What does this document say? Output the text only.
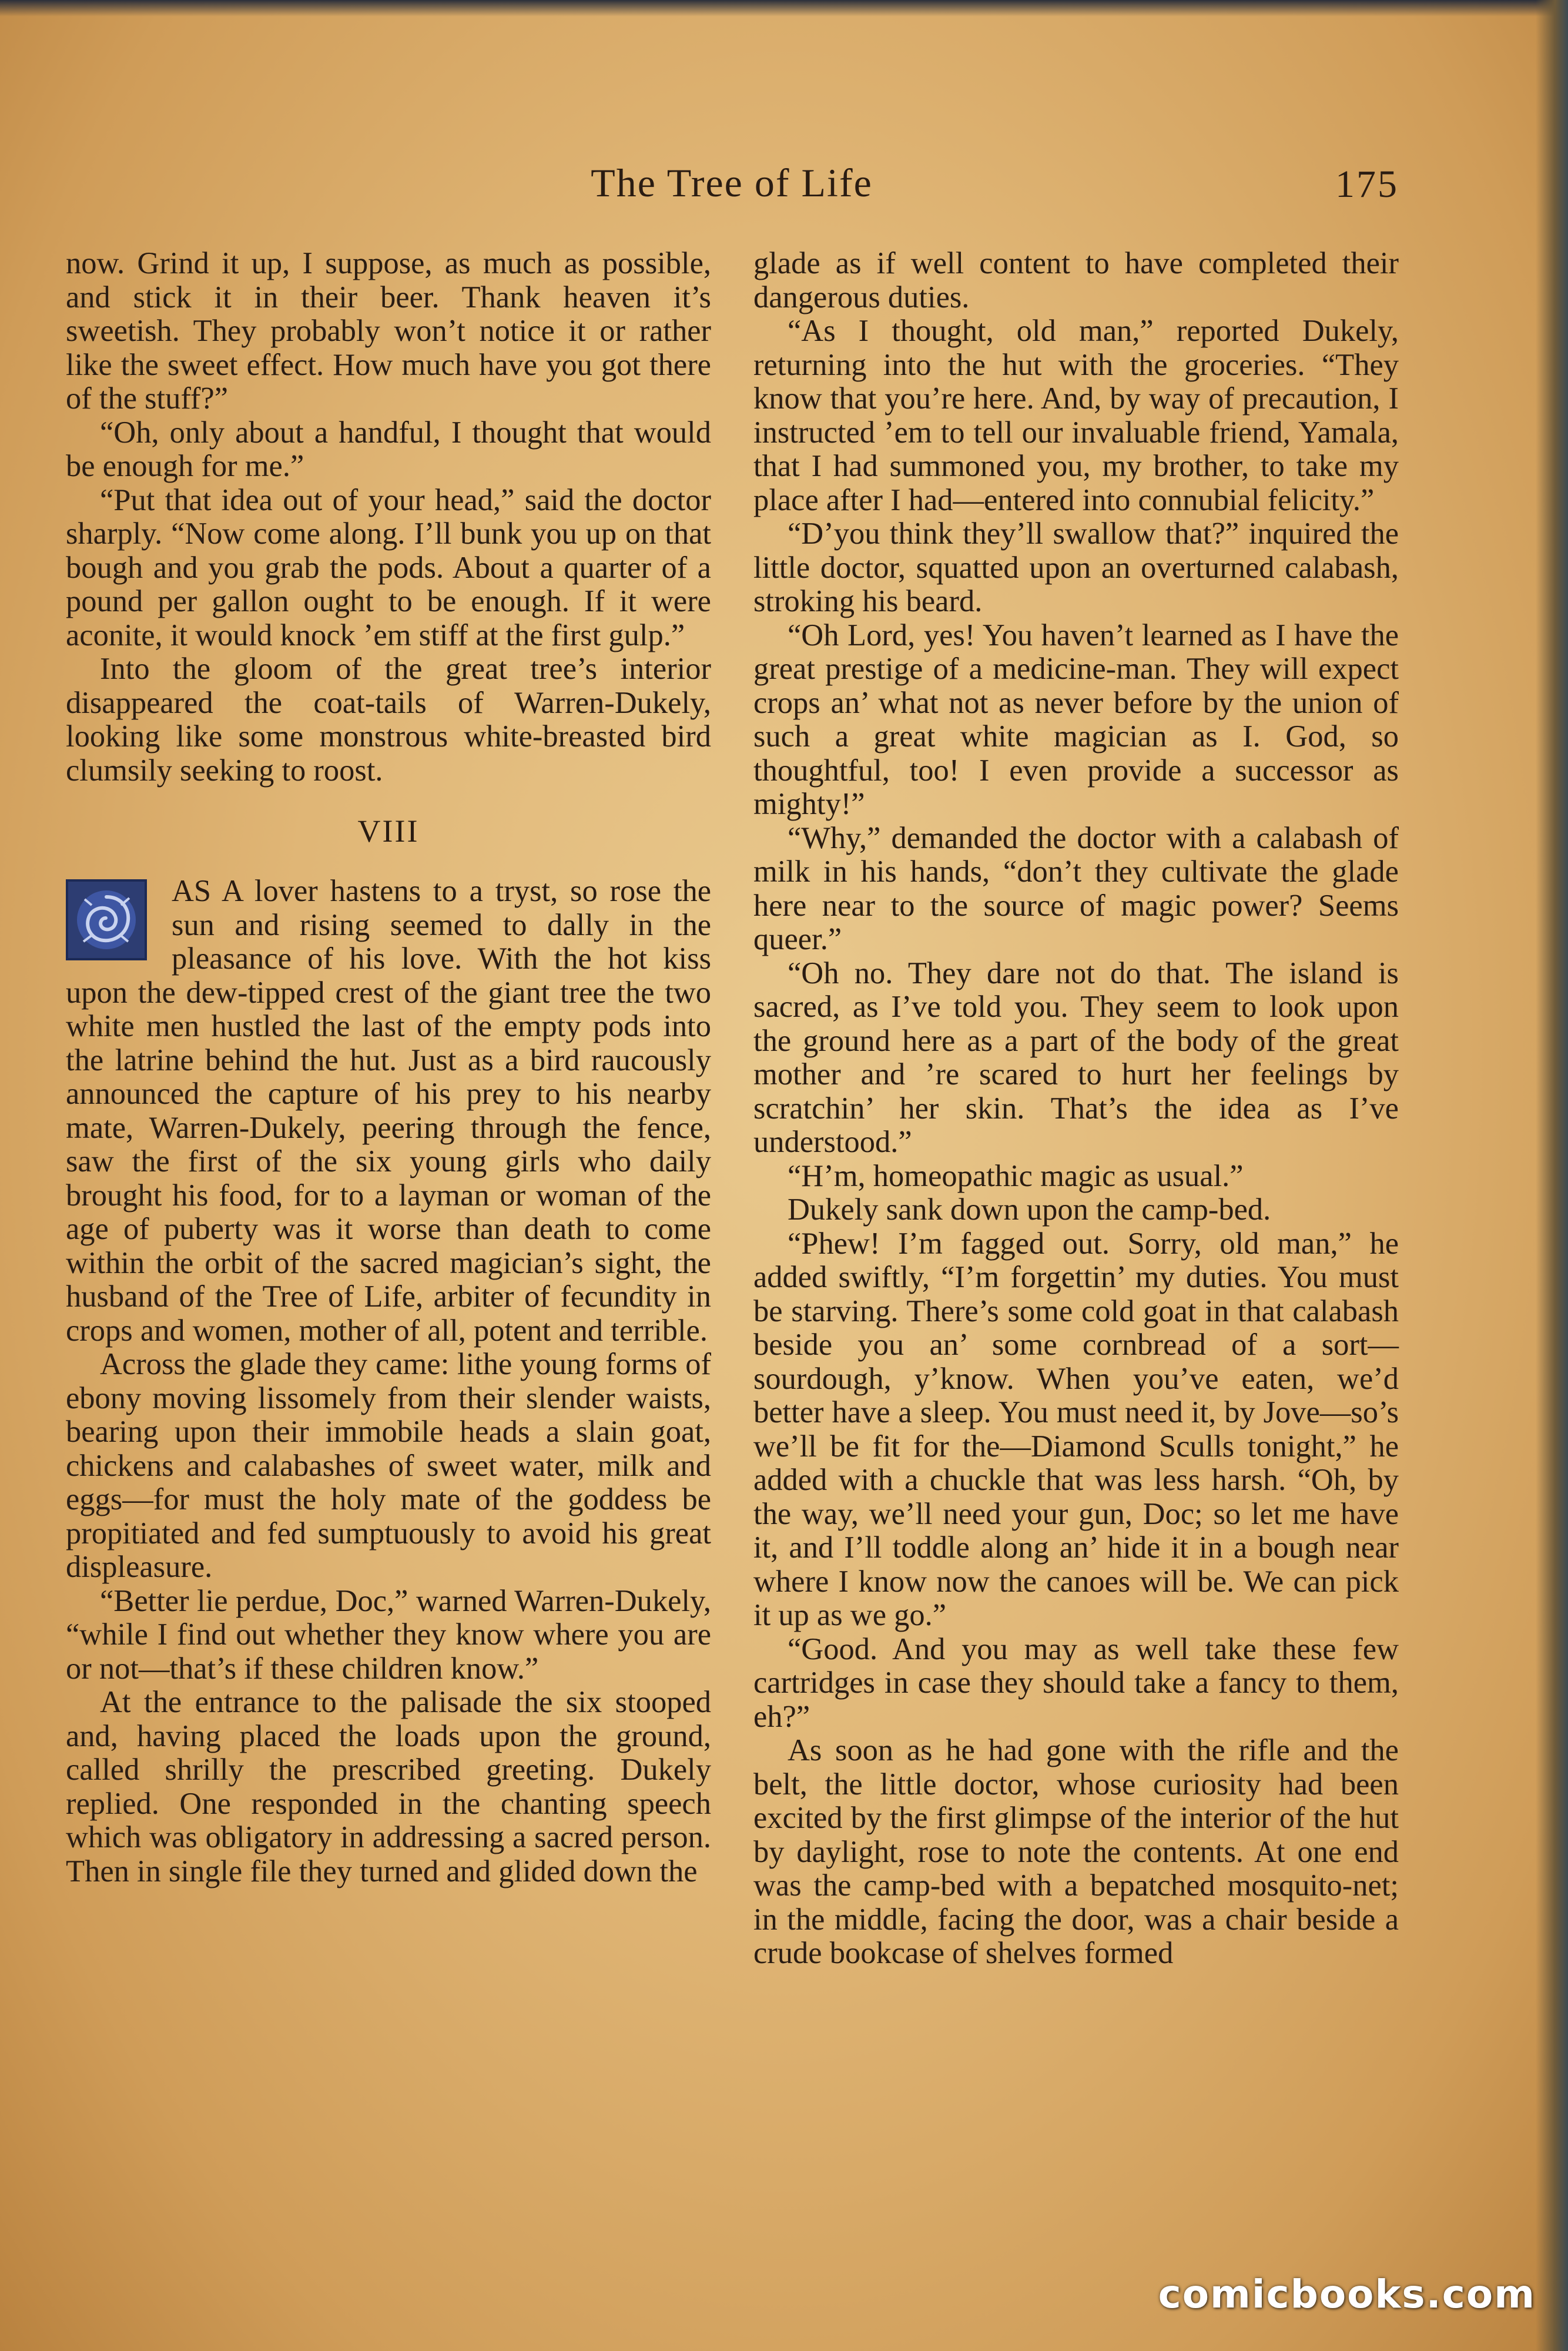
The Tree of Life	175

now. Grind it up, I suppose, as much as possible, and stick it in their beer. Thank heaven it’s sweetish. They probably won’t notice it or rather like the sweet effect. How much have you got there of the stuff?”

“Oh, only about a handful, I thought that would be enough for me.”

“Put that idea out of your head,” said the doctor sharply. “Now come along. I’ll bunk you up on that bough and you grab the pods. About a quarter of a pound per gallon ought to be enough. If it were aconite, it would knock ’em stiff at the first gulp.”

Into the gloom of the great tree’s interior disappeared the coat-tails of Warren-Dukely, looking like some monstrous white-breasted bird clumsily seeking to roost.

VIII

AS A lover hastens to a tryst, so rose the sun and rising seemed to dally in the pleasance of his love. With the hot kiss upon the dew-tipped crest of the giant tree the two white men hustled the last of the empty pods into the latrine behind the hut. Just as a bird raucously announced the capture of his prey to his nearby mate, Warren-Dukely, peering through the fence, saw the first of the six young girls who daily brought his food, for to a layman or woman of the age of puberty was it worse than death to come within the orbit of the sacred magician’s sight, the husband of the Tree of Life, arbiter of fecundity in crops and women, mother of all, potent and terrible.

Across the glade they came: lithe young forms of ebony moving lissomely from their slender waists, bearing upon their immobile heads a slain goat, chickens and calabashes of sweet water, milk and eggs—for must the holy mate of the goddess be propitiated and fed sumptuously to avoid his great displeasure.

“Better lie perdue, Doc,” warned Warren-Dukely, “while I find out whether they know where you are or not—that’s if these children know.”

At the entrance to the palisade the six stooped and, having placed the loads upon the ground, called shrilly the prescribed greeting. Dukely replied. One responded in the chanting speech which was obligatory in addressing a sacred person. Then in single file they turned and glided down the

glade as if well content to have completed their dangerous duties.

“As I thought, old man,” reported Dukely, returning into the hut with the groceries. “They know that you’re here. And, by way of precaution, I instructed ’em to tell our invaluable friend, Yamala, that I had summoned you, my brother, to take my place after I had—entered into connubial felicity.”

“D’you think they’ll swallow that?” inquired the little doctor, squatted upon an overturned calabash, stroking his beard.

“Oh Lord, yes! You haven’t learned as I have the great prestige of a medicine-man. They will expect crops an’ what not as never before by the union of such a great white magician as I. God, so thoughtful, too! I even provide a successor as mighty!”

“Why,” demanded the doctor with a calabash of milk in his hands, “don’t they cultivate the glade here near to the source of magic power? Seems queer.”

“Oh no. They dare not do that. The island is sacred, as I’ve told you. They seem to look upon the ground here as a part of the body of the great mother and ’re scared to hurt her feelings by scratchin’ her skin. That’s the idea as I’ve understood.”

“H’m, homeopathic magic as usual.”

Dukely sank down upon the camp-bed.

“Phew! I’m fagged out. Sorry, old man,” he added swiftly, “I’m forgettin’ my duties. You must be starving. There’s some cold goat in that calabash beside you an’ some cornbread of a sort—sourdough, y’know. When you’ve eaten, we’d better have a sleep. You must need it, by Jove—so’s we’ll be fit for the—Diamond Sculls tonight,” he added with a chuckle that was less harsh. “Oh, by the way, we’ll need your gun, Doc; so let me have it, and I’ll toddle along an’ hide it in a bough near where I know now the canoes will be. We can pick it up as we go.”

“Good. And you may as well take these few cartridges in case they should take a fancy to them, eh?”

As soon as he had gone with the rifle and the belt, the little doctor, whose curiosity had been excited by the first glimpse of the interior of the hut by daylight, rose to note the contents. At one end was the camp-bed with a bepatched mosquito-net; in the middle, facing the door, was a chair beside a crude bookcase of shelves formed

comicbooks.com
